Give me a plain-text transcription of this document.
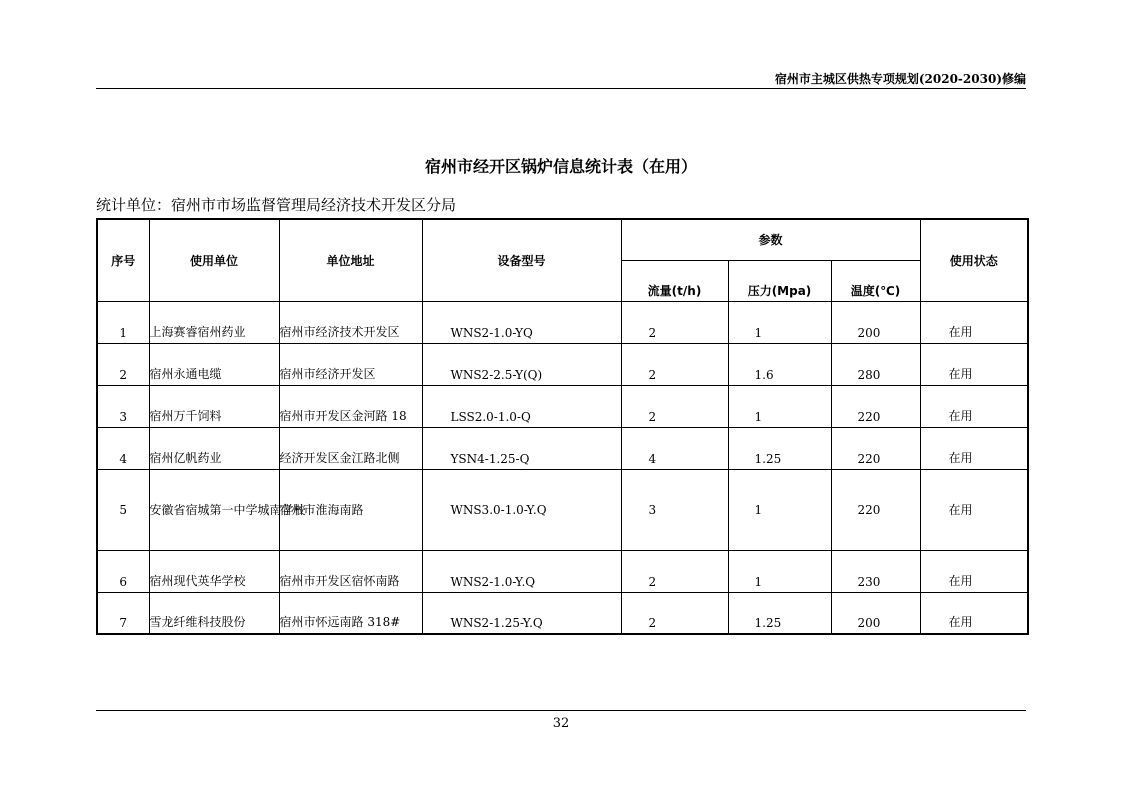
宿州市主城区供热专项规划(2020-2030)修编
宿州市经开区锅炉信息统计表（在用）
统计单位：宿州市市场监督管理局经济技术开发区分局
序号	使用单位	单位地址	设备型号	参数			使用状态
				流量(t/h)	压力(Mpa)	温度(℃)	
1	上海赛睿宿州药业	宿州市经济技术开发区	WNS2-1.0-YQ	2	1	200	在用
2	宿州永通电缆	宿州市经济开发区	WNS2-2.5-Y(Q)	2	1.6	280	在用
3	宿州万千饲料	宿州市开发区金河路 18	LSS2.0-1.0-Q	2	1	220	在用
4	宿州亿帆药业	经济开发区金江路北侧	YSN4-1.25-Q	4	1.25	220	在用
5	安徽省宿城第一中学城南学校	宿州市淮海南路	WNS3.0-1.0-Y.Q	3	1	220	在用
6	宿州现代英华学校	宿州市开发区宿怀南路	WNS2-1.0-Y.Q	2	1	230	在用
7	雪龙纤维科技股份	宿州市怀远南路 318#	WNS2-1.25-Y.Q	2	1.25	200	在用
32
